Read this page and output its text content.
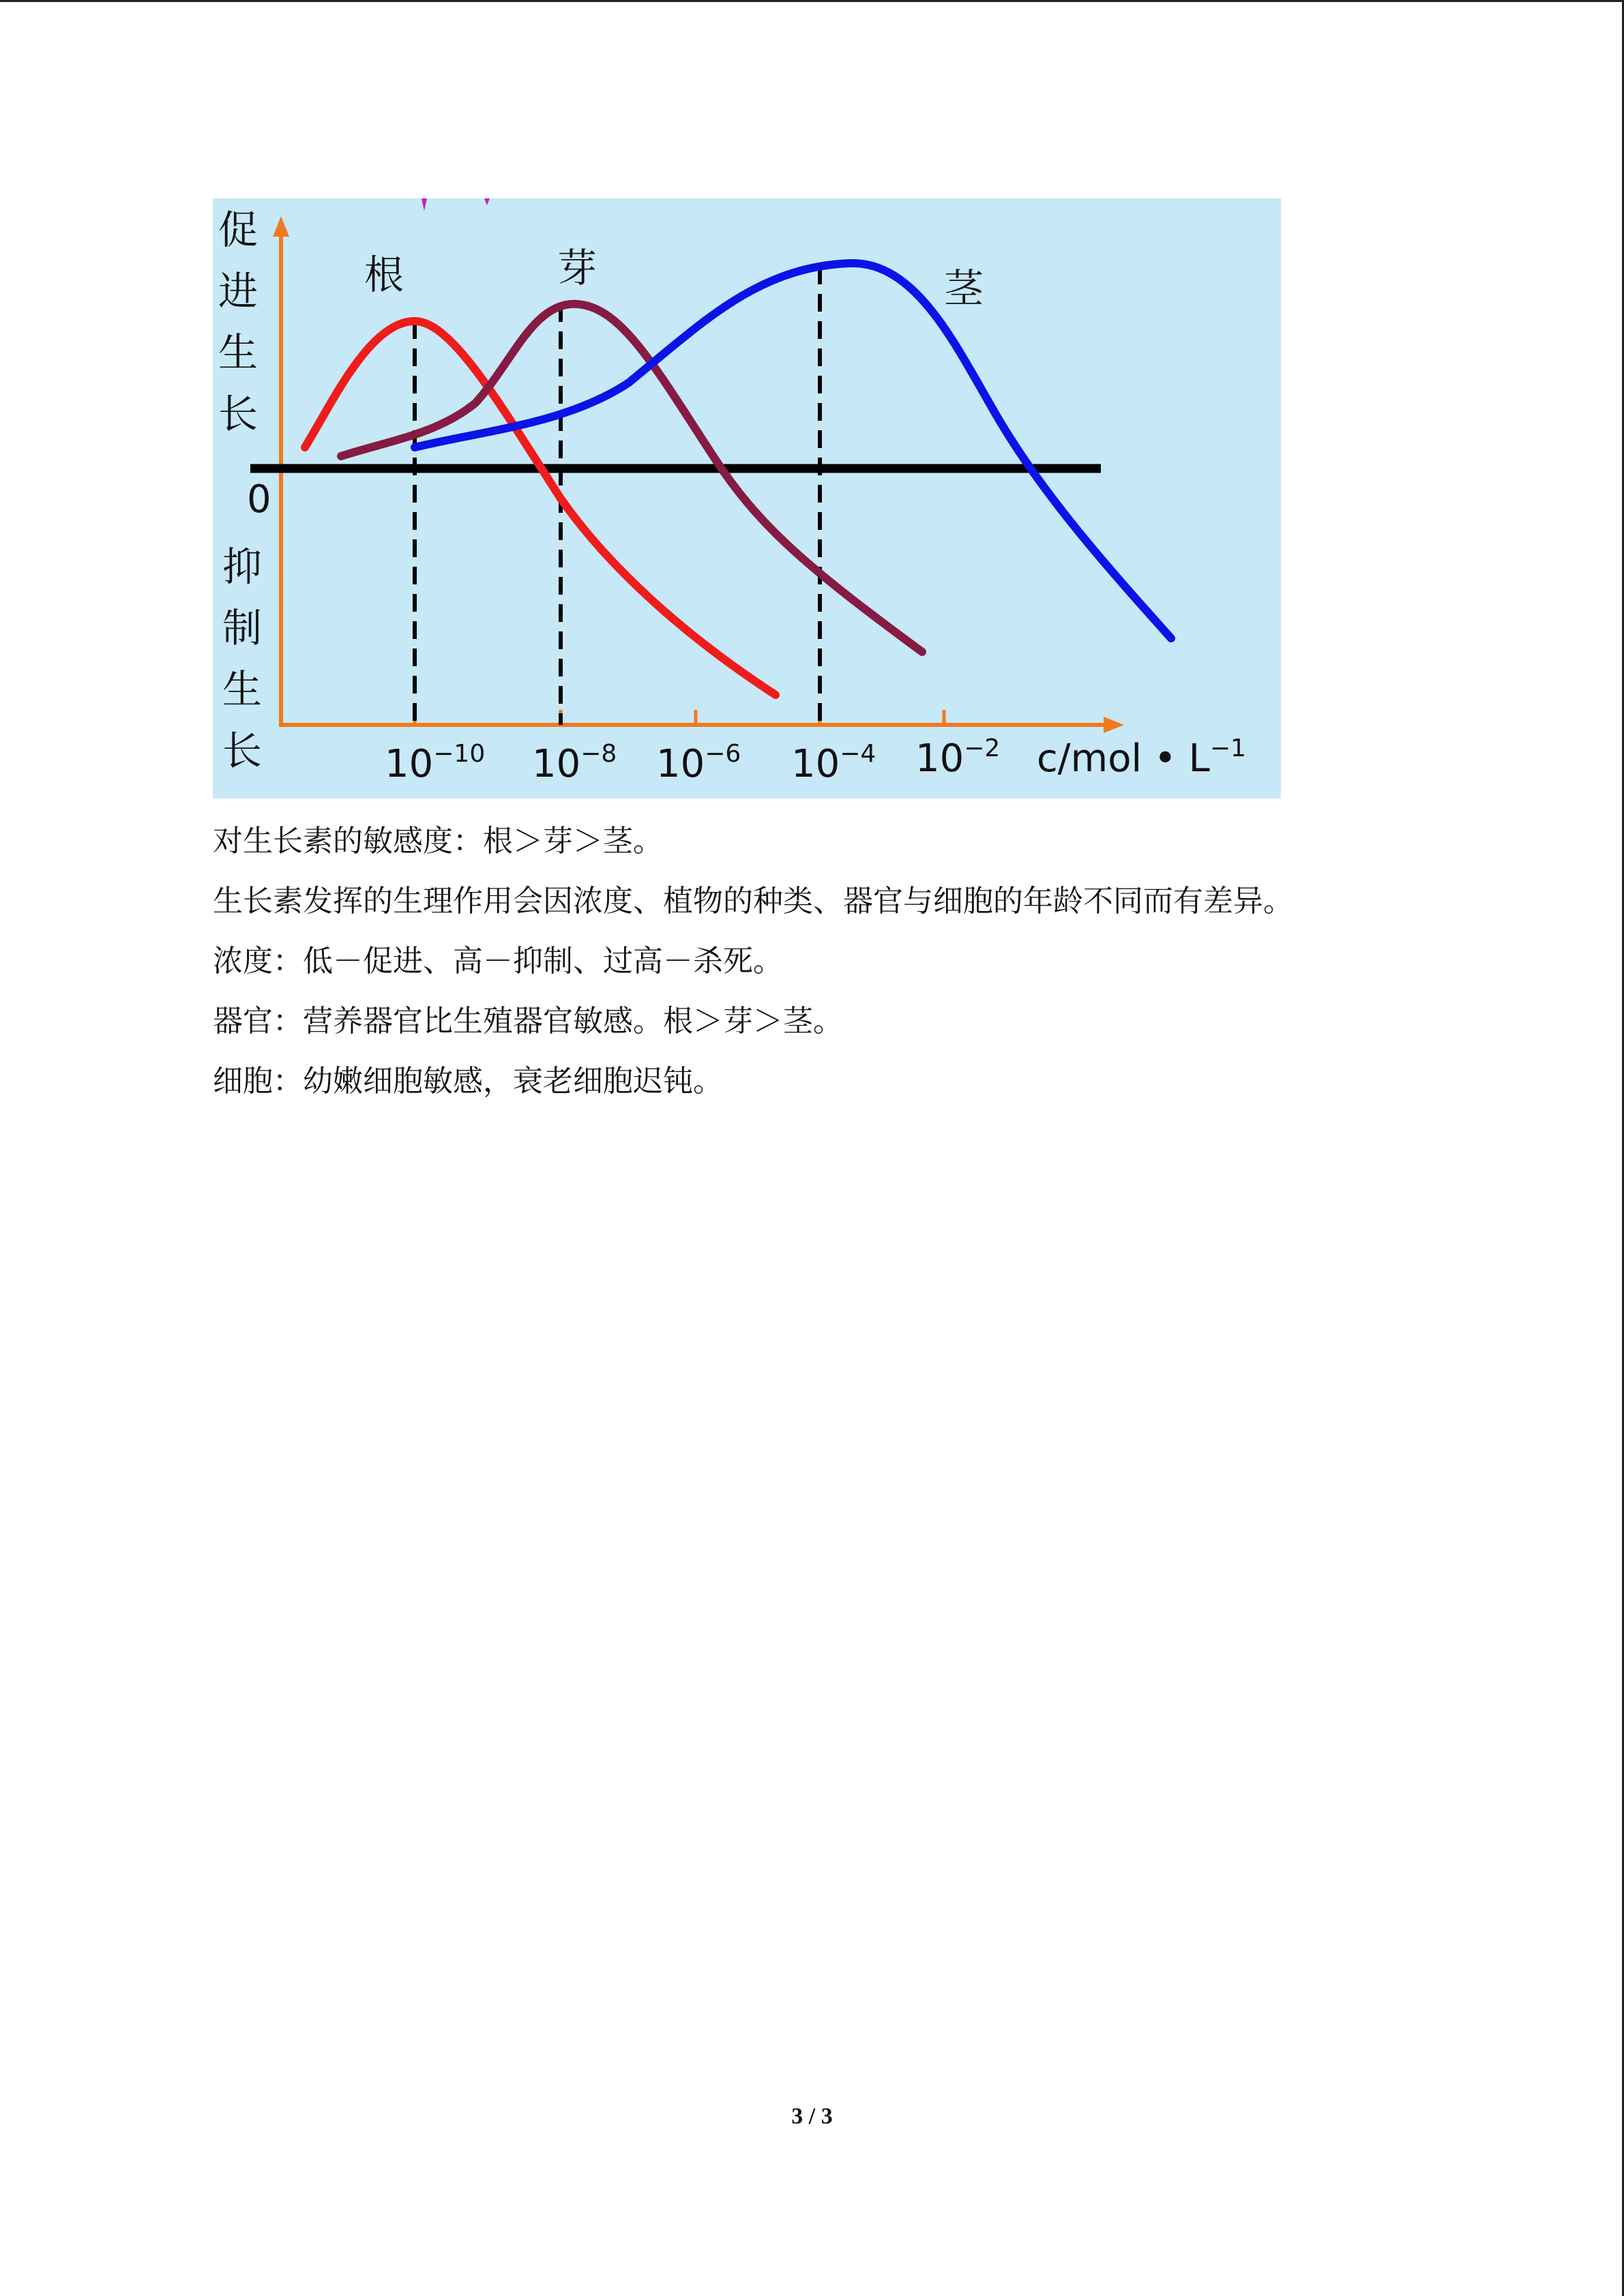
促
进
生
长
0
抑
制
生
长
根	芽	茎
$10^{-10}$ $10^{-8}$ $10^{-6}$ $10^{-4}$ $10^{-2}$ c/mol • $L^{-1}$

对生长素的敏感度：根＞芽＞茎。

生长素发挥的生理作用会因浓度、植物的种类、器官与细胞的年龄不同而有差异。

浓度：低－促进、高－抑制、过高－杀死。

器官：营养器官比生殖器官敏感。根＞芽＞茎。

细胞：幼嫩细胞敏感，衰老细胞迟钝。

3 / 3
